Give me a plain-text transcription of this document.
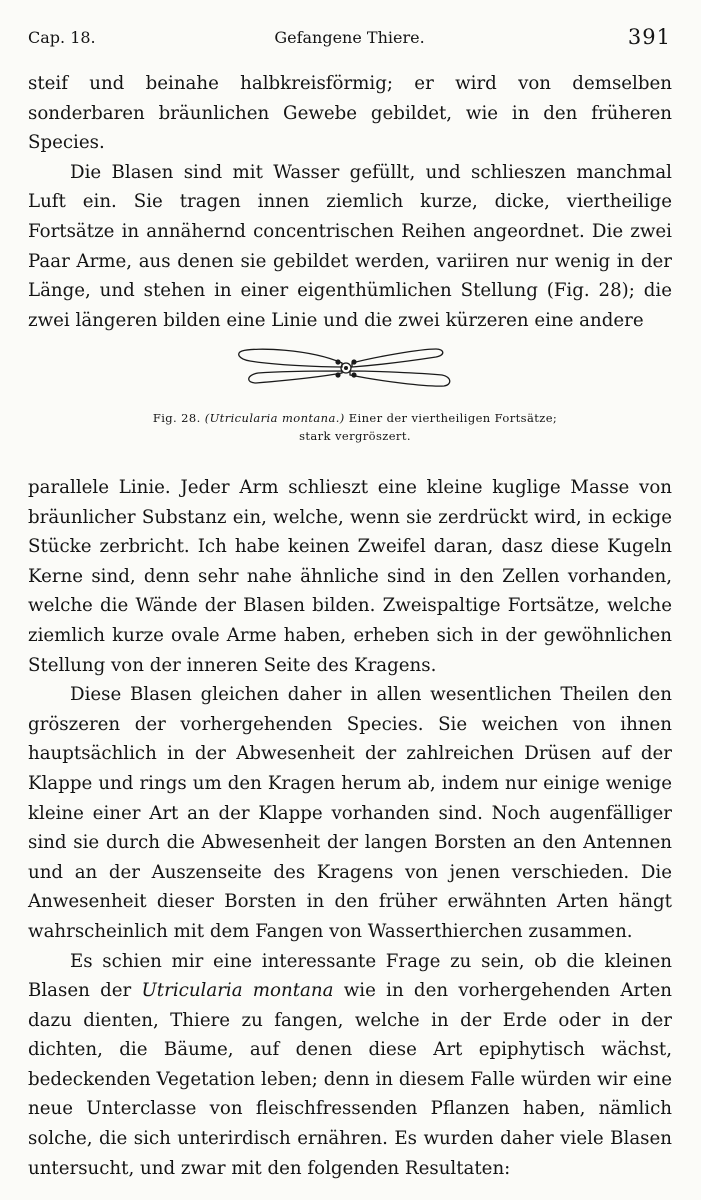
Cap. 18.	Gefangene Thiere.	391

steif und beinahe halbkreisförmig; er wird von demselben sonderbaren bräunlichen Gewebe gebildet, wie in den früheren Species.

Die Blasen sind mit Wasser gefüllt, und schlieszen manchmal Luft ein. Sie tragen innen ziemlich kurze, dicke, viertheilige Fortsätze in annähernd concentrischen Reihen angeordnet. Die zwei Paar Arme, aus denen sie gebildet werden, variiren nur wenig in der Länge, und stehen in einer eigenthümlichen Stellung (Fig. 28); die zwei längeren bilden eine Linie und die zwei kürzeren eine andere

Fig. 28. (Utricularia montana.) Einer der viertheiligen Fortsätze;
stark vergröszert.

parallele Linie. Jeder Arm schlieszt eine kleine kuglige Masse von bräunlicher Substanz ein, welche, wenn sie zerdrückt wird, in eckige Stücke zerbricht. Ich habe keinen Zweifel daran, dasz diese Kugeln Kerne sind, denn sehr nahe ähnliche sind in den Zellen vorhanden, welche die Wände der Blasen bilden. Zweispaltige Fortsätze, welche ziemlich kurze ovale Arme haben, erheben sich in der gewöhnlichen Stellung von der inneren Seite des Kragens.

Diese Blasen gleichen daher in allen wesentlichen Theilen den gröszeren der vorhergehenden Species. Sie weichen von ihnen hauptsächlich in der Abwesenheit der zahlreichen Drüsen auf der Klappe und rings um den Kragen herum ab, indem nur einige wenige kleine einer Art an der Klappe vorhanden sind. Noch augenfälliger sind sie durch die Abwesenheit der langen Borsten an den Antennen und an der Auszenseite des Kragens von jenen verschieden. Die Anwesenheit dieser Borsten in den früher erwähnten Arten hängt wahrscheinlich mit dem Fangen von Wasserthierchen zusammen.

Es schien mir eine interessante Frage zu sein, ob die kleinen Blasen der Utricularia montana wie in den vorhergehenden Arten dazu dienten, Thiere zu fangen, welche in der Erde oder in der dichten, die Bäume, auf denen diese Art epiphytisch wächst, bedeckenden Vegetation leben; denn in diesem Falle würden wir eine neue Unterclasse von fleischfressenden Pflanzen haben, nämlich solche, die sich unterirdisch ernähren. Es wurden daher viele Blasen untersucht, und zwar mit den folgenden Resultaten:
